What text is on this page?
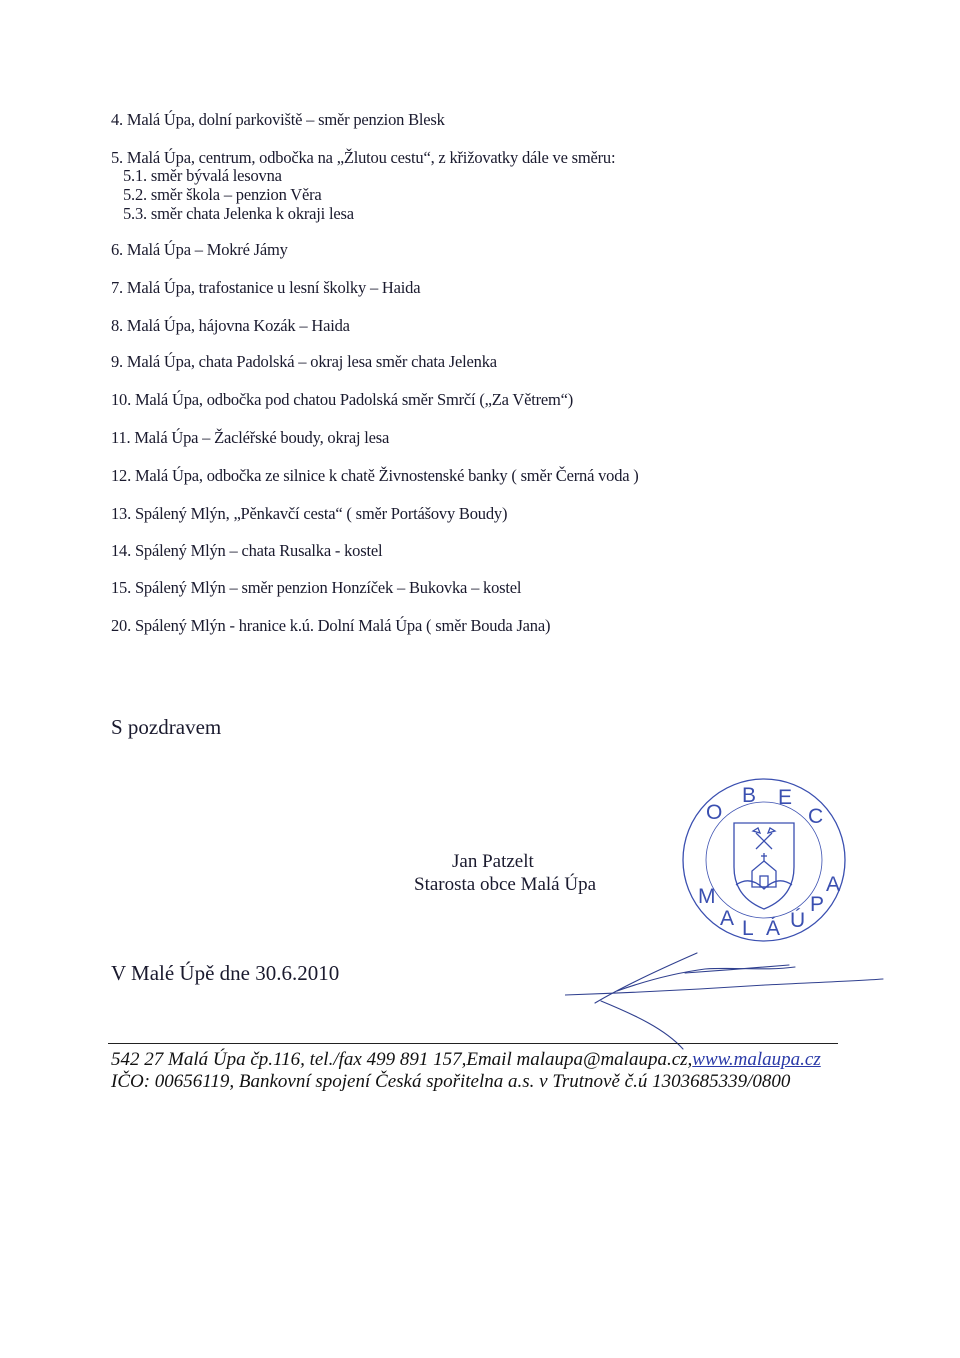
4. Malá Úpa, dolní parkoviště – směr penzion Blesk
5. Malá Úpa, centrum, odbočka na „Žlutou cestu“, z křižovatky dále ve směru:
5.1. směr bývalá lesovna
5.2. směr škola – penzion Věra
5.3. směr chata Jelenka k okraji lesa
6. Malá Úpa – Mokré Jámy
7. Malá Úpa, trafostanice u lesní školky – Haida
8. Malá Úpa, hájovna Kozák – Haida
9. Malá Úpa, chata Padolská – okraj lesa směr chata Jelenka
10. Malá Úpa, odbočka pod chatou Padolská směr Smrčí („Za Větrem“)
11. Malá Úpa – Žacléřské boudy, okraj lesa
12. Malá Úpa, odbočka ze silnice k chatě Živnostenské banky ( směr Černá voda )
13. Spálený Mlýn, „Pěnkavčí cesta“ ( směr Portášovy Boudy)
14. Spálený Mlýn – chata Rusalka - kostel
15. Spálený Mlýn – směr penzion Honzíček – Bukovka – kostel
20. Spálený Mlýn - hranice k.ú. Dolní Malá Úpa ( směr Bouda Jana)
S pozdravem
O
B E
C
M
A L Á Ú
P
A
Jan Patzelt
Starosta obce Malá Úpa
V Malé Úpě dne 30.6.2010
542 27 Malá Úpa čp.116, tel./fax 499 891 157,Email malaupa@malaupa.cz,www.malaupa.cz
IČO: 00656119, Bankovní spojení Česká spořitelna a.s. v Trutnově č.ú 1303685339/0800
